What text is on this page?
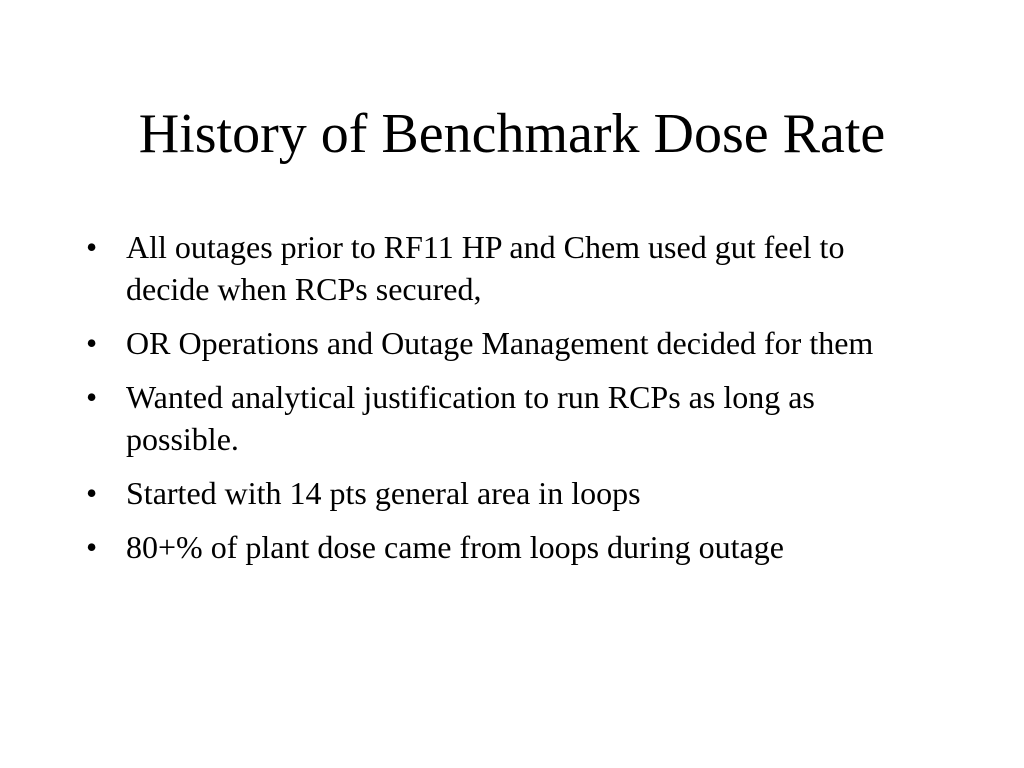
History of Benchmark Dose Rate
• All outages prior to RF11 HP and Chem used gut feel to decide when RCPs secured,
• OR Operations and Outage Management decided for them
• Wanted analytical justification to run RCPs as long as possible.
• Started with 14 pts general area in loops
• 80+% of plant dose came from loops during outage
